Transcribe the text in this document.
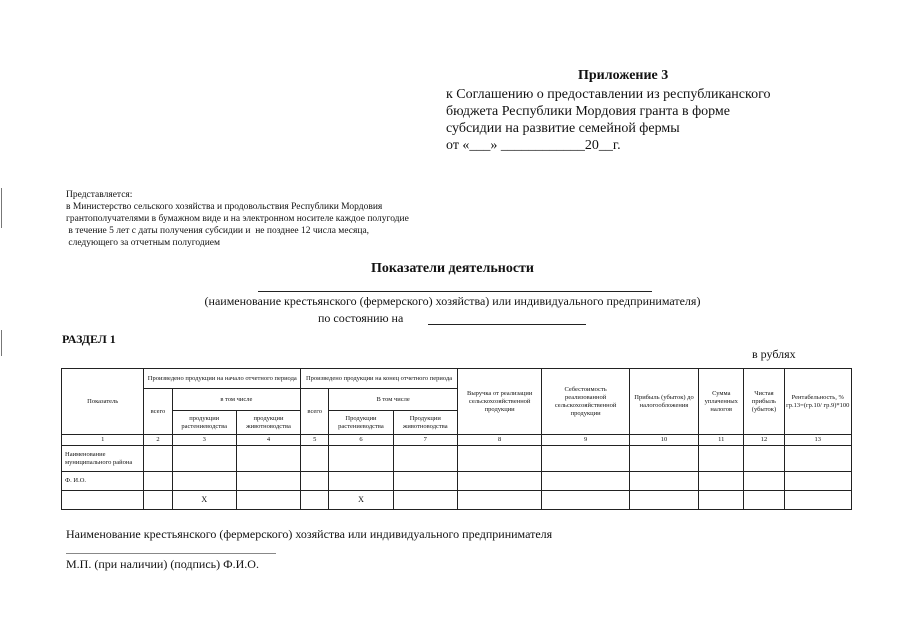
Приложение 3
к Соглашению о предоставлении из республиканского
бюджета Республики Мордовия гранта в форме
субсидии на развитие семейной фермы
от «___» ____________20__г.
Представляется:
в Министерство сельского хозяйства и продовольствия Республики Мордовия
грантополучателями в бумажном виде и на электронном носителе каждое полугодие
в течение 5 лет с даты получения субсидии и  не позднее 12 числа месяца,
следующего за отчетным полугодием
Показатели деятельности
(наименование крестьянского (фермерского) хозяйства) или индивидуального предпринимателя)
по состоянию на
РАЗДЕЛ 1
в рублях
Показатель	Произведено продукции на начало отчетного периода			Произведено продукции на конец отчетного периода			Выручка от реализации сельскохозяйственной продукции	Себестоимость реализованной сельскохозяйственной продукции	Прибыль (убыток) до налогообложения	Сумма уплаченных налогов	Чистая прибыль (убыток)	Рентабельность, % гр.13=(гр.10/ гр.9)*100
	всего	в том числе		всего	В том числе							
		продукции растениеводства	продукции животноводства		Продукции растениеводства	Продукции животноводства						
1	2	3	4	5	6	7	8	9	10	11	12	13
Наименование муниципального района												
Ф. И.О.												
		X			X							
Наименование крестьянского (фермерского) хозяйства или индивидуального предпринимателя
М.П. (при наличии) (подпись) Ф.И.О.
